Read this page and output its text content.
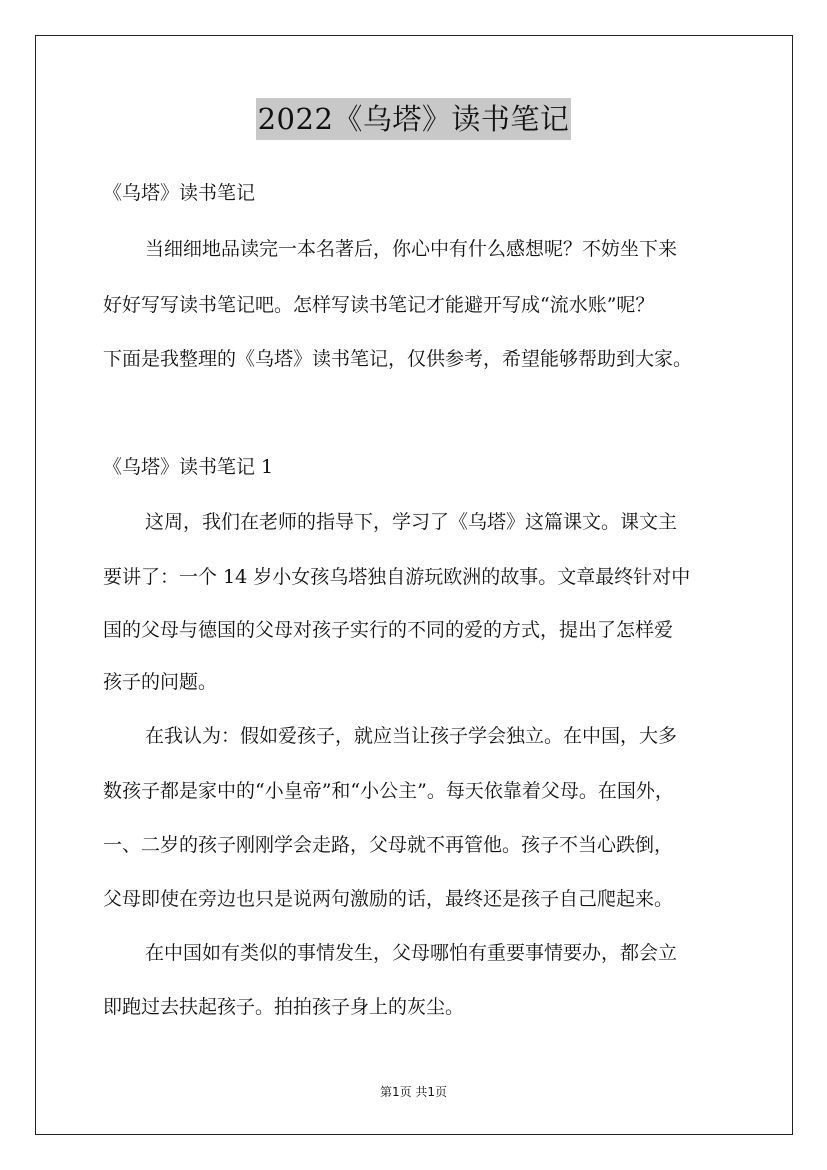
2022《乌塔》读书笔记
《乌塔》读书笔记
当细细地品读完一本名著后，你心中有什么感想呢？不妨坐下来
好好写写读书笔记吧。怎样写读书笔记才能避开写成“流水账”呢？
下面是我整理的《乌塔》读书笔记，仅供参考，希望能够帮助到大家。
《乌塔》读书笔记 1
这周，我们在老师的指导下，学习了《乌塔》这篇课文。课文主
要讲了：一个 14 岁小女孩乌塔独自游玩欧洲的故事。文章最终针对中
国的父母与德国的父母对孩子实行的不同的爱的方式，提出了怎样爱
孩子的问题。
在我认为：假如爱孩子，就应当让孩子学会独立。在中国，大多
数孩子都是家中的“小皇帝”和“小公主”。每天依靠着父母。在国外，
一、二岁的孩子刚刚学会走路，父母就不再管他。孩子不当心跌倒，
父母即使在旁边也只是说两句激励的话，最终还是孩子自己爬起来。
在中国如有类似的事情发生，父母哪怕有重要事情要办，都会立
即跑过去扶起孩子。拍拍孩子身上的灰尘。
第1页 共1页
